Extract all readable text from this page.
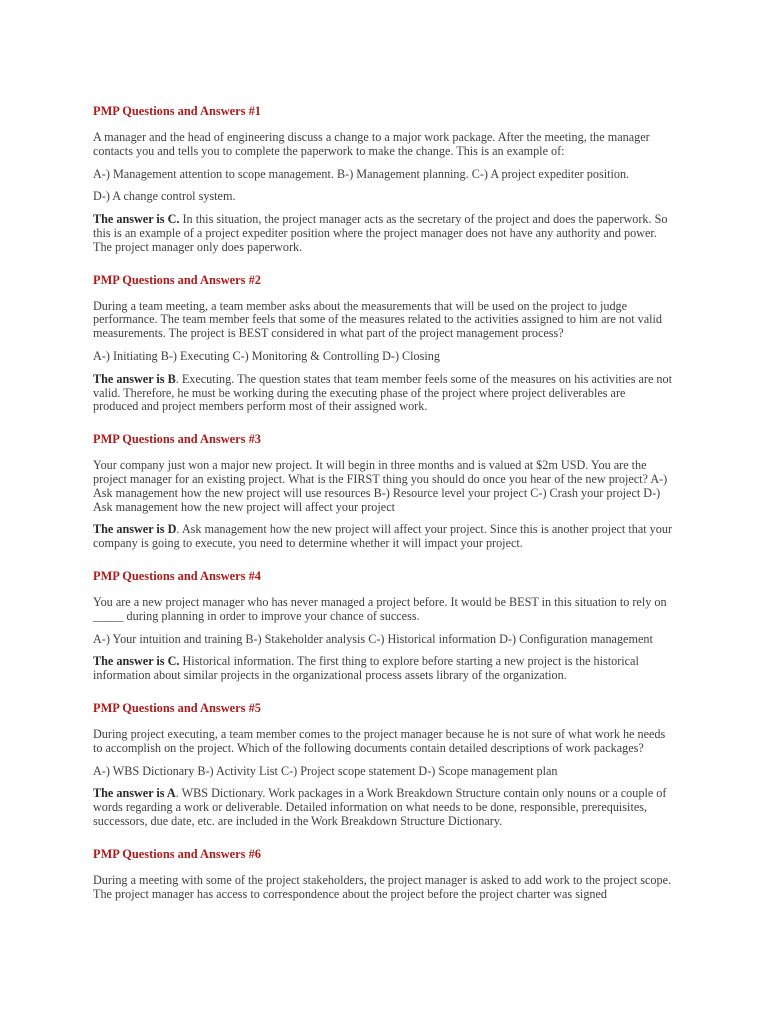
PMP Questions and Answers #1

A manager and the head of engineering discuss a change to a major work package. After the meeting, the manager contacts you and tells you to complete the paperwork to make the change. This is an example of:

A-) Management attention to scope management. B-) Management planning. C-) A project expediter position.

D-) A change control system.

The answer is C. In this situation, the project manager acts as the secretary of the project and does the paperwork. So this is an example of a project expediter position where the project manager does not have any authority and power. The project manager only does paperwork.

PMP Questions and Answers #2

During a team meeting, a team member asks about the measurements that will be used on the project to judge performance. The team member feels that some of the measures related to the activities assigned to him are not valid measurements. The project is BEST considered in what part of the project management process?

A-) Initiating B-) Executing C-) Monitoring & Controlling D-) Closing

The answer is B. Executing. The question states that team member feels some of the measures on his activities are not valid. Therefore, he must be working during the executing phase of the project where project deliverables are produced and project members perform most of their assigned work.

PMP Questions and Answers #3

Your company just won a major new project. It will begin in three months and is valued at $2m USD. You are the project manager for an existing project. What is the FIRST thing you should do once you hear of the new project? A-) Ask management how the new project will use resources B-) Resource level your project C-) Crash your project D-) Ask management how the new project will affect your project

The answer is D. Ask management how the new project will affect your project. Since this is another project that your company is going to execute, you need to determine whether it will impact your project.

PMP Questions and Answers #4

You are a new project manager who has never managed a project before. It would be BEST in this situation to rely on _____ during planning in order to improve your chance of success.

A-) Your intuition and training B-) Stakeholder analysis C-) Historical information D-) Configuration management

The answer is C. Historical information. The first thing to explore before starting a new project is the historical information about similar projects in the organizational process assets library of the organization.

PMP Questions and Answers #5

During project executing, a team member comes to the project manager because he is not sure of what work he needs to accomplish on the project. Which of the following documents contain detailed descriptions of work packages?

A-) WBS Dictionary B-) Activity List C-) Project scope statement D-) Scope management plan

The answer is A. WBS Dictionary. Work packages in a Work Breakdown Structure contain only nouns or a couple of words regarding a work or deliverable. Detailed information on what needs to be done, responsible, prerequisites, successors, due date, etc. are included in the Work Breakdown Structure Dictionary.

PMP Questions and Answers #6

During a meeting with some of the project stakeholders, the project manager is asked to add work to the project scope. The project manager has access to correspondence about the project before the project charter was signed
